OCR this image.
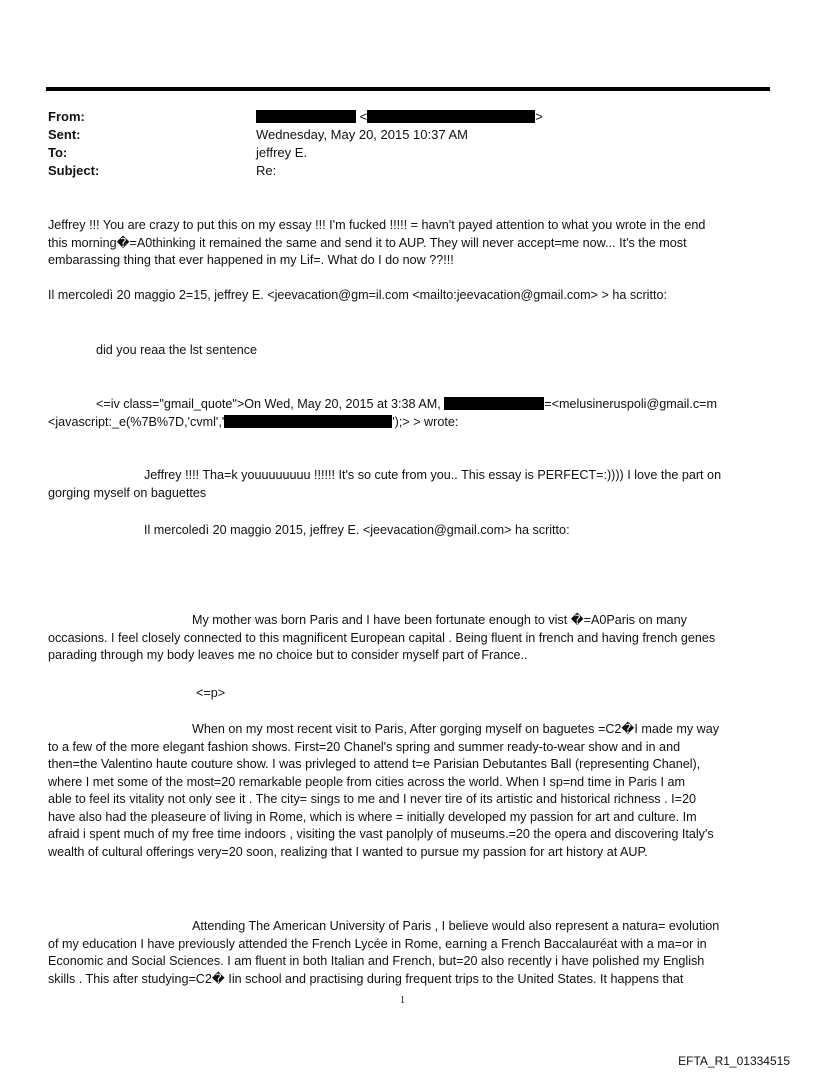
From:	<	>
Sent:	Wednesday, May 20, 2015 10:37 AM
To:	jeffrey E.
Subject:	Re:
Jeffrey !!! You are crazy to put this on my essay !!! I'm fucked !!!!! = havn't payed attention to what you wrote in the end
this morning�=A0thinking it remained the same and send it to AUP. They will never accept=me now... It's the most
embarassing thing that ever happened in my Lif=. What do I do now ??!!!
Il mercoledì 20 maggio 2=15, jeffrey E. <jeevacation@gm=il.com <mailto:jeevacation@gmail.com> > ha scritto:
did you reaa the lst sentence
<=iv class="gmail_quote">On Wed, May 20, 2015 at 3:38 AM,	=<melusineruspoli@gmail.c=m
<javascript:_e(%7B%7D,'cvml','	');> > wrote:
Jeffrey !!!! Tha=k youuuuuuuu !!!!!! It's so cute from you.. This essay is PERFECT=:)))) I love the part on
gorging myself on baguettes
Il mercoledì 20 maggio 2015, jeffrey E. <jeevacation@gmail.com> ha scritto:
My mother was born Paris and I have been fortunate enough to vist �=A0Paris on many
occasions. I feel closely connected to this magnificent European capital . Being fluent in french and having french genes
parading through my body leaves me no choice but to consider myself part of France..
<=p>
When on my most recent visit to Paris, After gorging myself on baguetes =C2�I made my way
to a few of the more elegant fashion shows. First=20 Chanel's spring and summer ready-to-wear show and in and
then=the Valentino haute couture show. I was privleged to attend t=e Parisian Debutantes Ball (representing Chanel),
where I met some of the most=20 remarkable people from cities across the world. When I sp=nd time in Paris I am
able to feel its vitality not only see it . The city= sings to me and I never tire of its artistic and historical richness . I=20
have also had the pleaseure of living in Rome, which is where = initially developed my passion for art and culture. Im
afraid i spent much of my free time indoors , visiting the vast panolply of museums.=20 the opera and discovering Italy's
wealth of cultural offerings very=20 soon, realizing that I wanted to pursue my passion for art history at AUP.
Attending The American University of Paris , I believe would also represent a natura= evolution
of my education I have previously attended the French Lycée in Rome, earning a French Baccalauréat with a ma=or in
Economic and Social Sciences. I am fluent in both Italian and French, but=20 also recently i have polished my English
skills . This after studying=C2� Iin school and practising during frequent trips to the United States. It happens that
1
EFTA_R1_01334515
